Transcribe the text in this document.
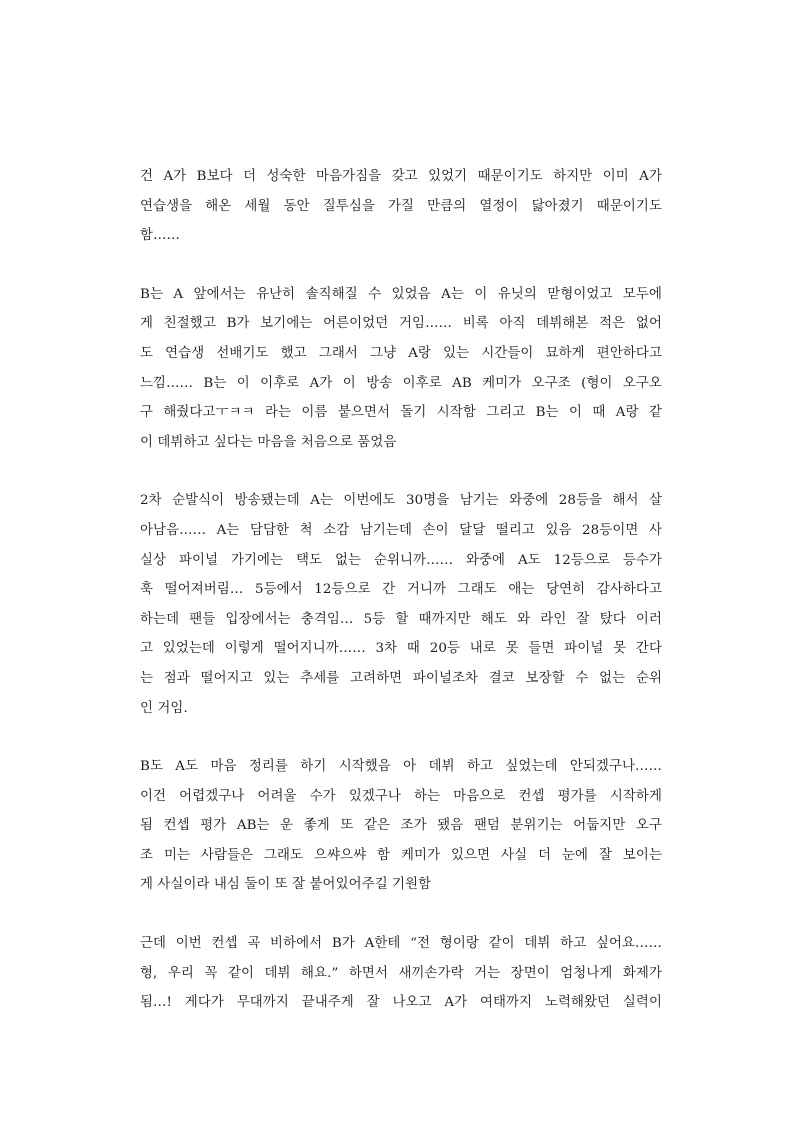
건 A가 B보다 더 성숙한 마음가짐을 갖고 있었기 때문이기도 하지만 이미 A가
연습생을 해온 세월 동안 질투심을 가질 만큼의 열정이 닳아졌기 때문이기도
함……

B는 A 앞에서는 유난히 솔직해질 수 있었음 A는 이 유닛의 맏형이었고 모두에
게 친절했고 B가 보기에는 어른이었던 거임…… 비록 아직 데뷔해본 적은 없어
도 연습생 선배기도 했고 그래서 그냥 A랑 있는 시간들이 묘하게 편안하다고
느낌…… B는 이 이후로 A가 이 방송 이후로 AB 케미가 오구조 (형이 오구오
구 해줬다고ㅜㅋㅋ 라는 이름 붙으면서 돌기 시작함 그리고 B는 이 때 A랑 같
이 데뷔하고 싶다는 마음을 처음으로 품었음

2차 순발식이 방송됐는데 A는 이번에도 30명을 남기는 와중에 28등을 해서 살
아남음…… A는 담담한 척 소감 남기는데 손이 달달 떨리고 있음 28등이면 사
실상 파이널 가기에는 택도 없는 순위니까…… 와중에 A도 12등으로 등수가
훅 떨어져버림… 5등에서 12등으로 간 거니까 그래도 애는 당연히 감사하다고
하는데 팬들 입장에서는 충격임… 5등 할 때까지만 해도 와 라인 잘 탔다 이러
고 있었는데 이렇게 떨어지니까…… 3차 때 20등 내로 못 들면 파이널 못 간다
는 점과 떨어지고 있는 추세를 고려하면 파이널조차 결코 보장할 수 없는 순위
인 거임.

B도 A도 마음 정리를 하기 시작했음 아 데뷔 하고 싶었는데 안되겠구나……
이건 어렵겠구나 어려울 수가 있겠구나 하는 마음으로 컨셉 평가를 시작하게
됨 컨셉 평가 AB는 운 좋게 또 같은 조가 됐음 팬덤 분위기는 어둡지만 오구
조 미는 사람들은 그래도 으쌰으쌰 함 케미가 있으면 사실 더 눈에 잘 보이는
게 사실이라 내심 둘이 또 잘 붙어있어주길 기원함

근데 이번 컨셉 곡 비하에서 B가 A한테 “전 형이랑 같이 데뷔 하고 싶어요……
형, 우리 꼭 같이 데뷔 해요.” 하면서 새끼손가락 거는 장면이 엄청나게 화제가
됨…! 게다가 무대까지 끝내주게 잘 나오고 A가 여태까지 노력해왔던 실력이
